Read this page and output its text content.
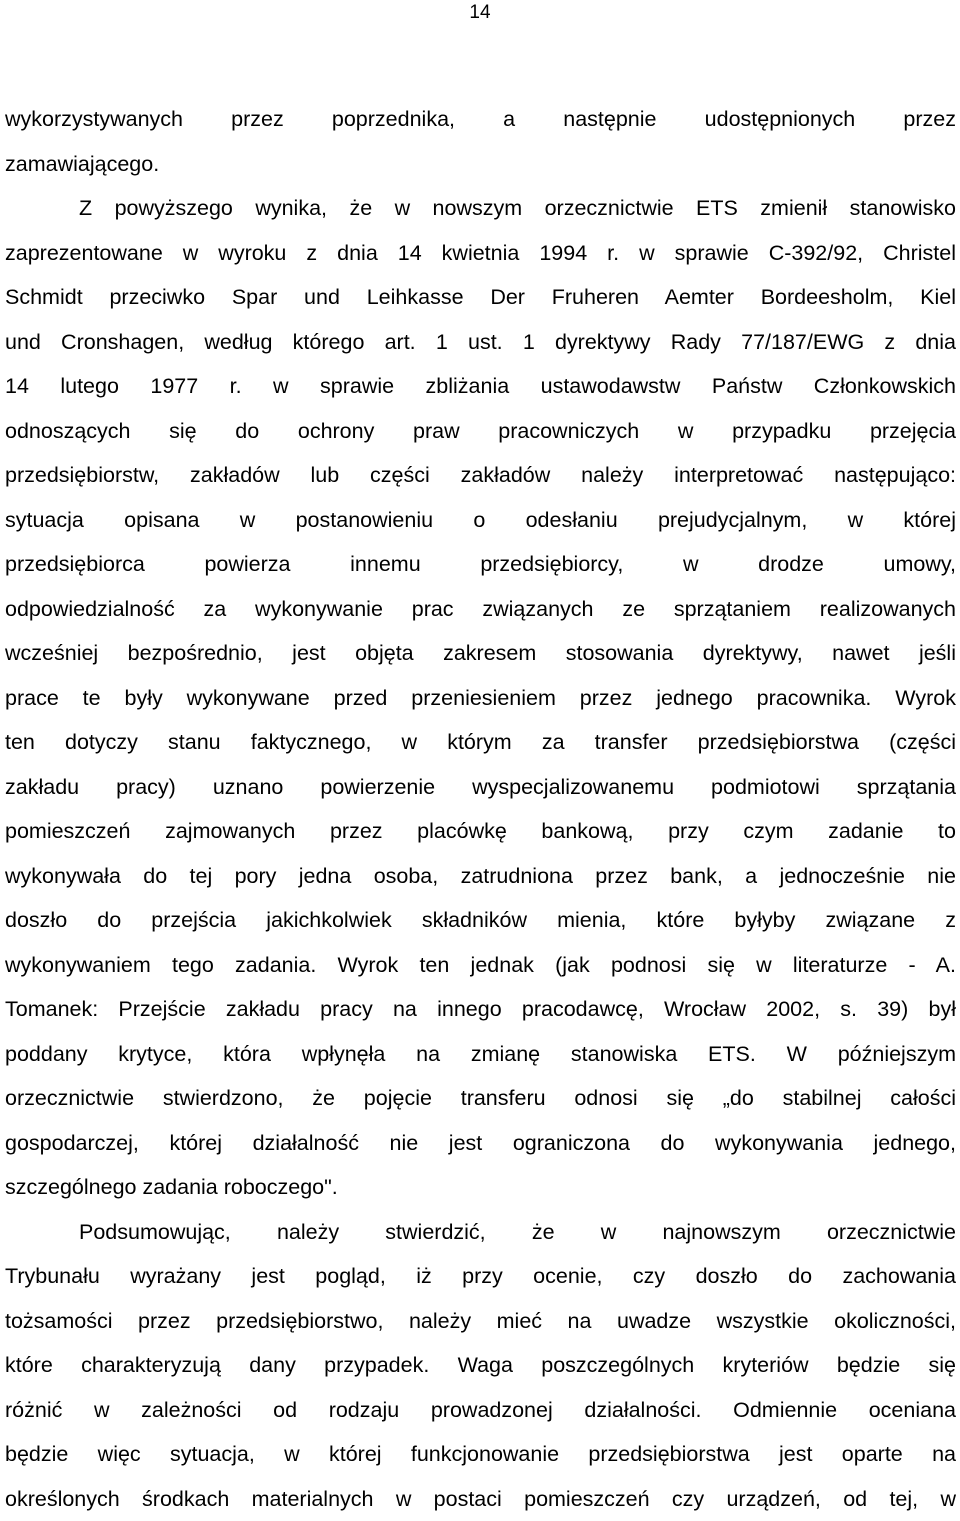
14
wykorzystywanych przez poprzednika, a następnie udostępnionych przez
zamawiającego.
Z powyższego wynika, że w nowszym orzecznictwie ETS zmienił stanowisko
zaprezentowane w wyroku z dnia 14 kwietnia 1994 r. w sprawie C-392/92, Christel
Schmidt przeciwko Spar und Leihkasse Der Fruheren Aemter Bordeesholm, Kiel
und Cronshagen, według którego art. 1 ust. 1 dyrektywy Rady 77/187/EWG z dnia
14 lutego 1977 r. w sprawie zbliżania ustawodawstw Państw Członkowskich
odnoszących się do ochrony praw pracowniczych w przypadku przejęcia
przedsiębiorstw, zakładów lub części zakładów należy interpretować następująco:
sytuacja opisana w postanowieniu o odesłaniu prejudycjalnym, w której
przedsiębiorca powierza innemu przedsiębiorcy, w drodze umowy,
odpowiedzialność za wykonywanie prac związanych ze sprzątaniem realizowanych
wcześniej bezpośrednio, jest objęta zakresem stosowania dyrektywy, nawet jeśli
prace te były wykonywane przed przeniesieniem przez jednego pracownika. Wyrok
ten dotyczy stanu faktycznego, w którym za transfer przedsiębiorstwa (części
zakładu pracy) uznano powierzenie wyspecjalizowanemu podmiotowi sprzątania
pomieszczeń zajmowanych przez placówkę bankową, przy czym zadanie to
wykonywała do tej pory jedna osoba, zatrudniona przez bank, a jednocześnie nie
doszło do przejścia jakichkolwiek składników mienia, które byłyby związane z
wykonywaniem tego zadania. Wyrok ten jednak (jak podnosi się w literaturze - A.
Tomanek: Przejście zakładu pracy na innego pracodawcę, Wrocław 2002, s. 39) był
poddany krytyce, która wpłynęła na zmianę stanowiska ETS. W późniejszym
orzecznictwie stwierdzono, że pojęcie transferu odnosi się „do stabilnej całości
gospodarczej, której działalność nie jest ograniczona do wykonywania jednego,
szczególnego zadania roboczego".
Podsumowując, należy stwierdzić, że w najnowszym orzecznictwie
Trybunału wyrażany jest pogląd, iż przy ocenie, czy doszło do zachowania
tożsamości przez przedsiębiorstwo, należy mieć na uwadze wszystkie okoliczności,
które charakteryzują dany przypadek. Waga poszczególnych kryteriów będzie się
różnić w zależności od rodzaju prowadzonej działalności. Odmiennie oceniana
będzie więc sytuacja, w której funkcjonowanie przedsiębiorstwa jest oparte na
określonych środkach materialnych w postaci pomieszczeń czy urządzeń, od tej, w
